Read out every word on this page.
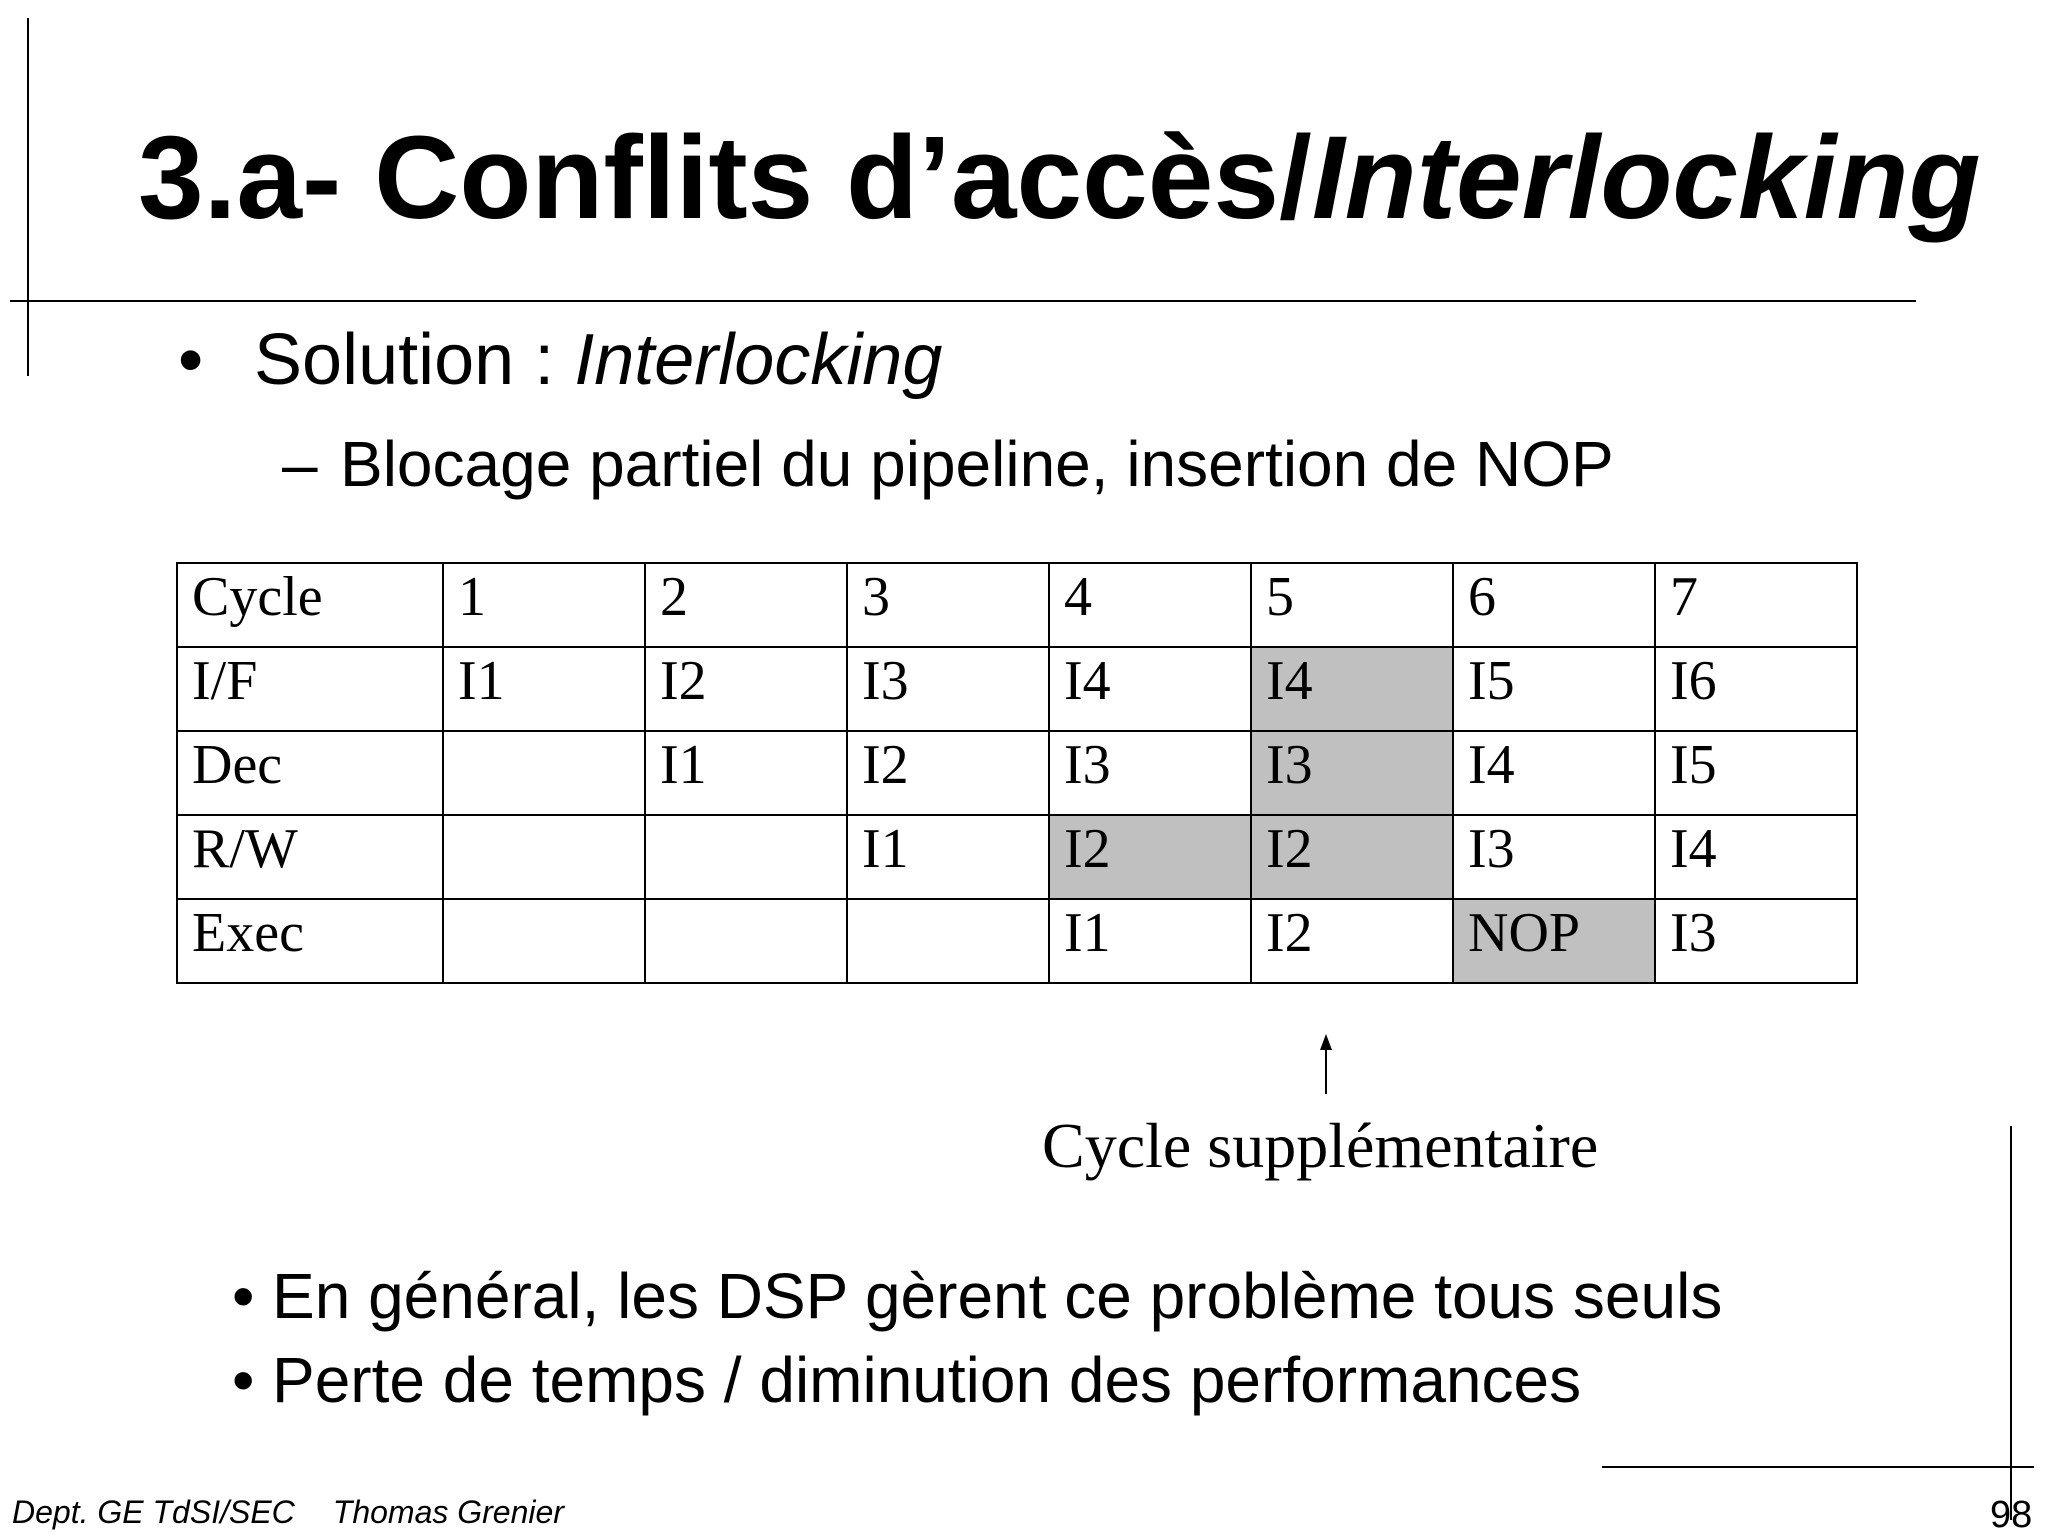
3.a- Conflits d’accès/Interlocking
• Solution : Interlocking
– Blocage partiel du pipeline, insertion de NOP
Cycle	1	2	3	4	5	6	7
I/F	I1	I2	I3	I4	I4	I5	I6
Dec		I1	I2	I3	I3	I4	I5
R/W			I1	I2	I2	I3	I4
Exec				I1	I2	NOP	I3
Cycle supplémentaire
• En général, les DSP gèrent ce problème tous seuls
• Perte de temps / diminution des performances
Dept. GE TdSI/SEC Thomas Grenier	98
